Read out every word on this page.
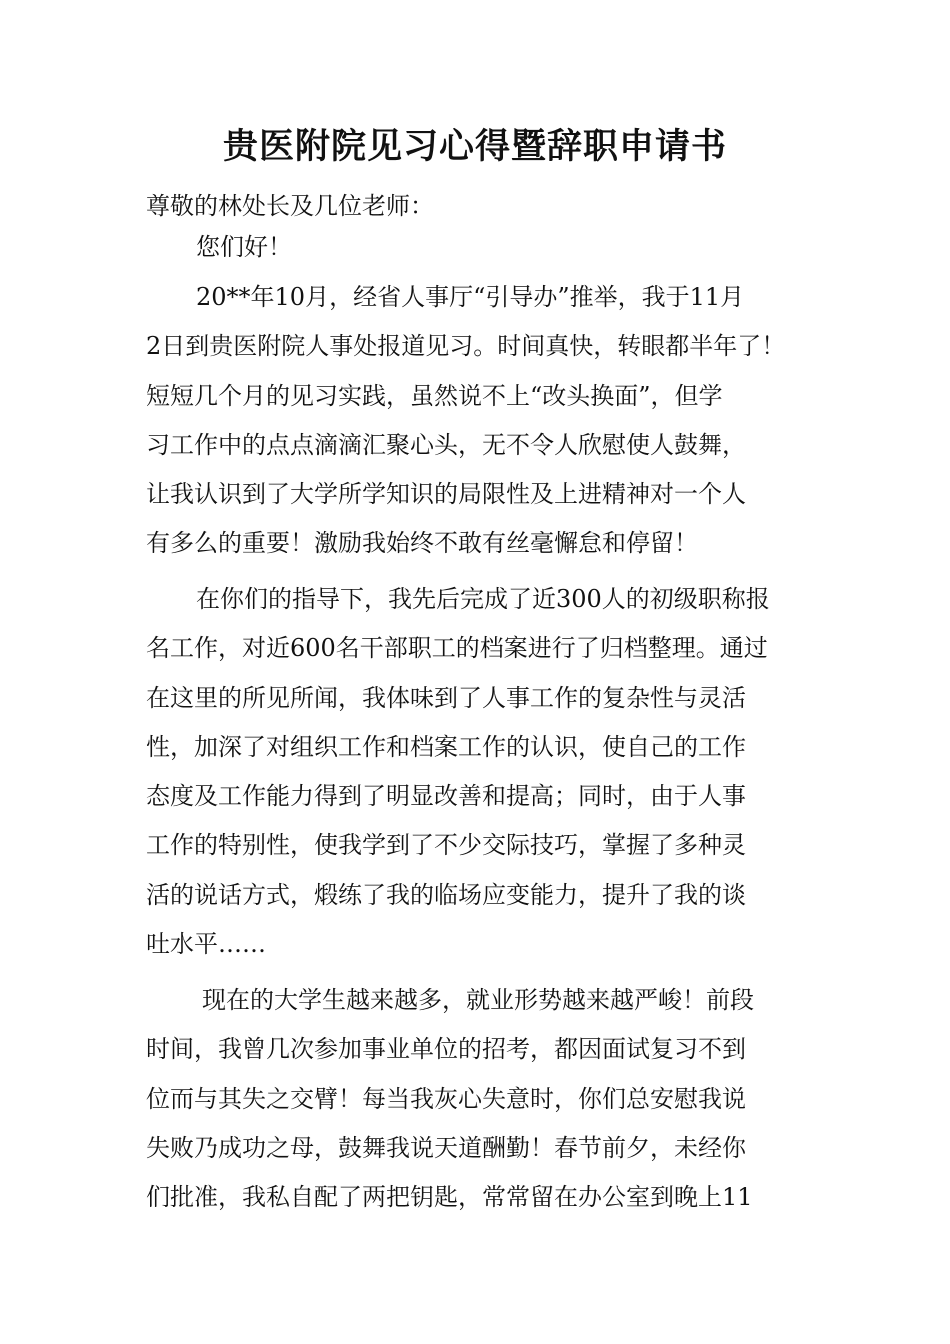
贵医附院见习心得暨辞职申请书
尊敬的林处长及几位老师：
您们好！
20**年10月，经省人事厅“引导办”推举，我于11月
2日到贵医附院人事处报道见习。时间真快，转眼都半年了！
短短几个月的见习实践，虽然说不上“改头换面”，但学
习工作中的点点滴滴汇聚心头，无不令人欣慰使人鼓舞，
让我认识到了大学所学知识的局限性及上进精神对一个人
有多么的重要！激励我始终不敢有丝毫懈怠和停留！
在你们的指导下，我先后完成了近300人的初级职称报
名工作，对近600名干部职工的档案进行了归档整理。通过
在这里的所见所闻，我体味到了人事工作的复杂性与灵活
性，加深了对组织工作和档案工作的认识，使自己的工作
态度及工作能力得到了明显改善和提高；同时，由于人事
工作的特别性，使我学到了不少交际技巧，掌握了多种灵
活的说话方式，煅练了我的临场应变能力，提升了我的谈
吐水平……
现在的大学生越来越多，就业形势越来越严峻！前段
时间，我曾几次参加事业单位的招考，都因面试复习不到
位而与其失之交臂！每当我灰心失意时，你们总安慰我说
失败乃成功之母，鼓舞我说天道酬勤！春节前夕，未经你
们批准，我私自配了两把钥匙，常常留在办公室到晚上11
